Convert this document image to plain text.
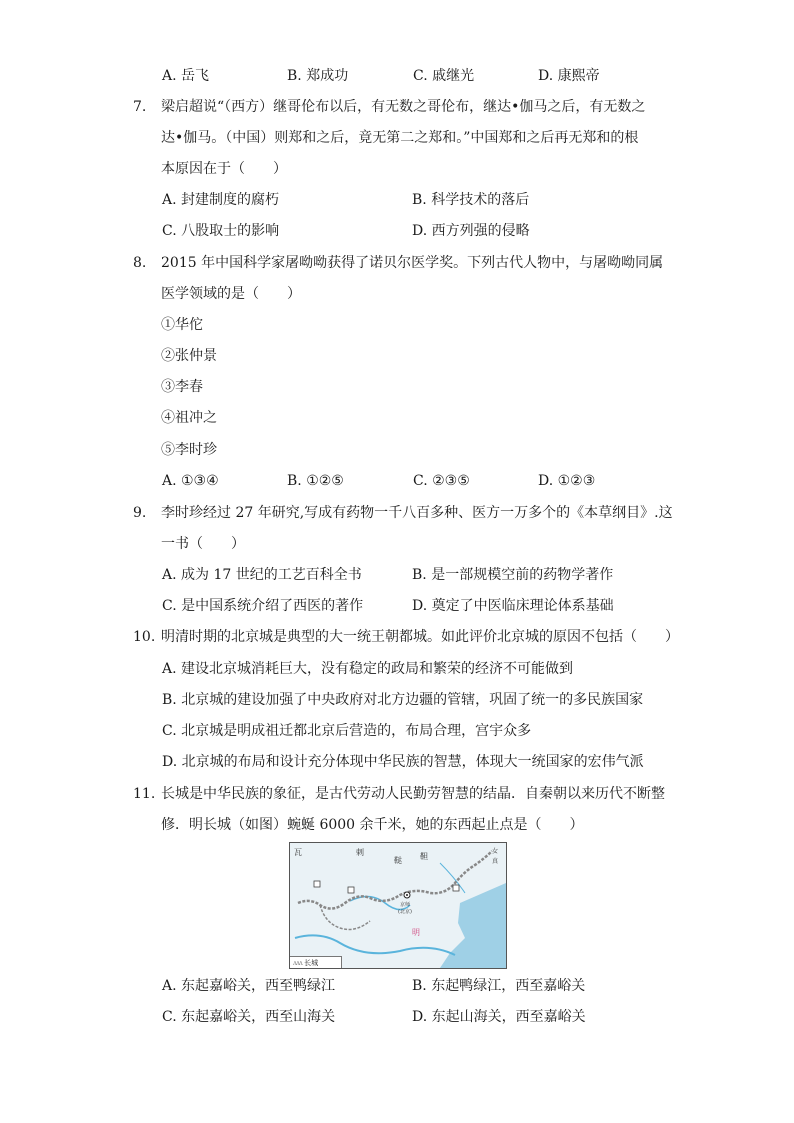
A. 岳飞	B. 郑成功	C. 戚继光	D. 康熙帝
7. 梁启超说“（西方）继哥伦布以后，有无数之哥伦布，继达•伽马之后，有无数之
达•伽马。（中国）则郑和之后，竟无第二之郑和。”中国郑和之后再无郑和的根
本原因在于（　　）
A. 封建制度的腐朽	B. 科学技术的落后
C. 八股取士的影响	D. 西方列强的侵略
8. 2015 年中国科学家屠呦呦获得了诺贝尔医学奖。下列古代人物中，与屠呦呦同属
医学领域的是（　　）
①华佗
②张仲景
③李春
④祖冲之
⑤李时珍
A. ①③④	B. ①②⑤	C. ②③⑤	D. ①②③
9. 李时珍经过 27 年研究,写成有药物一千八百多种、医方一万多个的《本草纲目》.这
一书（　　）
A. 成为 17 世纪的工艺百科全书	B. 是一部规模空前的药物学著作
C. 是中国系统介绍了西医的著作	D. 奠定了中医临床理论体系基础
10. 明清时期的北京城是典型的大一统王朝都城。如此评价北京城的原因不包括（　　）
A. 建设北京城消耗巨大，没有稳定的政局和繁荣的经济不可能做到
B. 北京城的建设加强了中央政府对北方边疆的管辖，巩固了统一的多民族国家
C. 北京城是明成祖迁都北京后营造的，布局合理，宫宇众多
D. 北京城的布局和设计充分体现中华民族的智慧，体现大一统国家的宏伟气派
11. 长城是中华民族的象征，是古代劳动人民勤劳智慧的结晶．自秦朝以来历代不断整
修．明长城（如图）蜿蜒 6000 余千米，她的东西起止点是（　　）
瓦	剌
鞑 靼
女
真
京师
(北京)
明
ʌʌʌ 长城
A. 东起嘉峪关，西至鸭绿江	B. 东起鸭绿江，西至嘉峪关
C. 东起嘉峪关，西至山海关	D. 东起山海关，西至嘉峪关
